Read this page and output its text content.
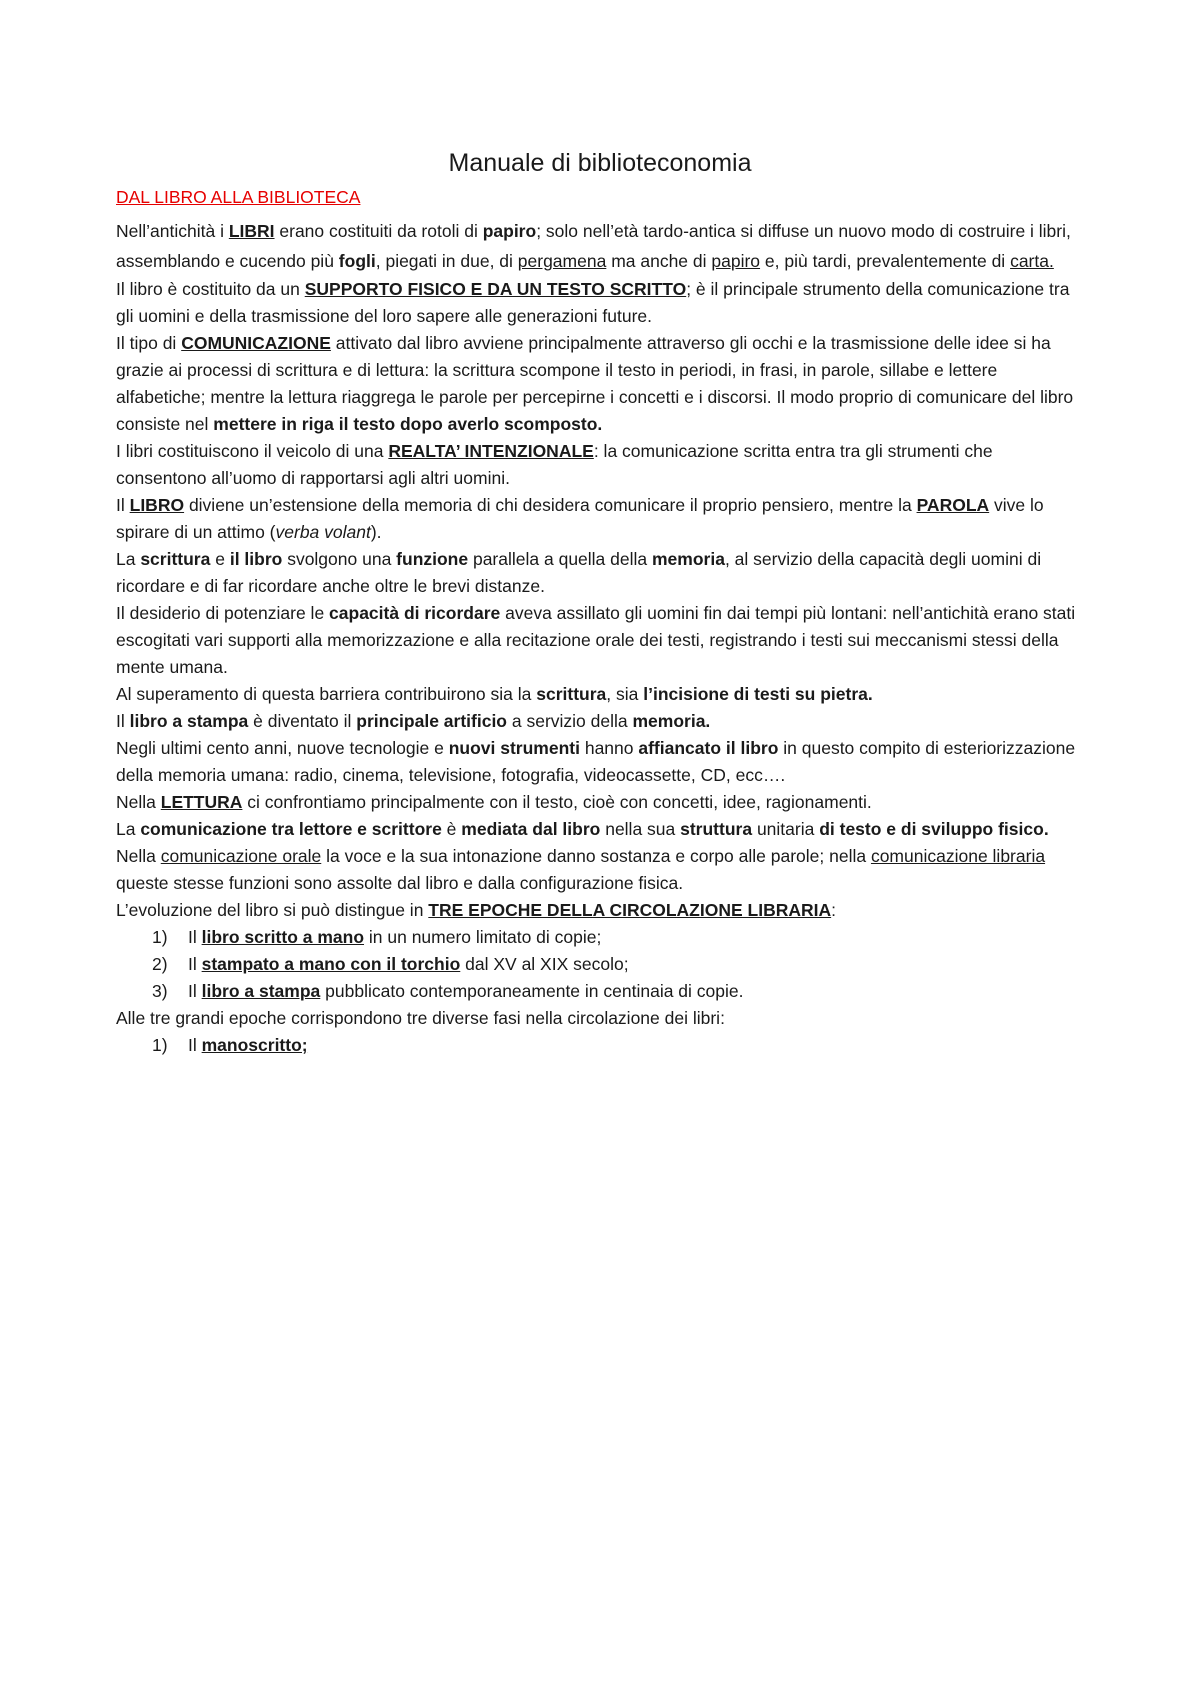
Manuale di biblioteconomia
DAL LIBRO ALLA BIBLIOTECA

Nell’antichità i LIBRI erano costituiti da rotoli di papiro; solo nell’età tardo-antica si diffuse un nuovo modo di costruire i libri, assemblando e cucendo più fogli, piegati in due, di pergamena ma anche di papiro e, più tardi, prevalentemente di carta.

Il libro è costituito da un SUPPORTO FISICO E DA UN TESTO SCRITTO; è il principale strumento della comunicazione tra gli uomini e della trasmissione del loro sapere alle generazioni future.

Il tipo di COMUNICAZIONE attivato dal libro avviene principalmente attraverso gli occhi e la trasmissione delle idee si ha grazie ai processi di scrittura e di lettura: la scrittura scompone il testo in periodi, in frasi, in parole, sillabe e lettere alfabetiche; mentre la lettura riaggrega le parole per percepirne i concetti e i discorsi. Il modo proprio di comunicare del libro consiste nel mettere in riga il testo dopo averlo scomposto.

I libri costituiscono il veicolo di una REALTA’ INTENZIONALE: la comunicazione scritta entra tra gli strumenti che consentono all’uomo di rapportarsi agli altri uomini.

Il LIBRO diviene un’estensione della memoria di chi desidera comunicare il proprio pensiero, mentre la PAROLA vive lo spirare di un attimo (verba volant).

La scrittura e il libro svolgono una funzione parallela a quella della memoria, al servizio della capacità degli uomini di ricordare e di far ricordare anche oltre le brevi distanze.

Il desiderio di potenziare le capacità di ricordare aveva assillato gli uomini fin dai tempi più lontani: nell’antichità erano stati escogitati vari supporti alla memorizzazione e alla recitazione orale dei testi, registrando i testi sui meccanismi stessi della mente umana.

Al superamento di questa barriera contribuirono sia la scrittura, sia l’incisione di testi su pietra.

Il libro a stampa è diventato il principale artificio a servizio della memoria.

Negli ultimi cento anni, nuove tecnologie e nuovi strumenti hanno affiancato il libro in questo compito di esteriorizzazione della memoria umana: radio, cinema, televisione, fotografia, videocassette, CD, ecc….

Nella LETTURA ci confrontiamo principalmente con il testo, cioè con concetti, idee, ragionamenti.

La comunicazione tra lettore e scrittore è mediata dal libro nella sua struttura unitaria di testo e di sviluppo fisico. Nella comunicazione orale la voce e la sua intonazione danno sostanza e corpo alle parole; nella comunicazione libraria queste stesse funzioni sono assolte dal libro e dalla configurazione fisica.

L’evoluzione del libro si può distingue in TRE EPOCHE DELLA CIRCOLAZIONE LIBRARIA:

1) Il libro scritto a mano in un numero limitato di copie;
2) Il stampato a mano con il torchio dal XV al XIX secolo;
3) Il libro a stampa pubblicato contemporaneamente in centinaia di copie.

Alle tre grandi epoche corrispondono tre diverse fasi nella circolazione dei libri:

1) Il manoscritto;
